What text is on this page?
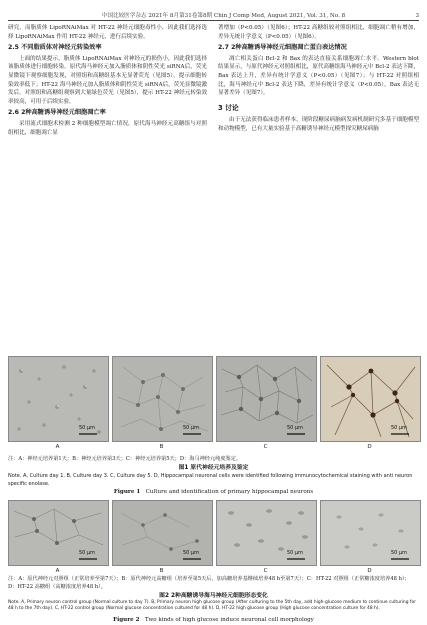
中国比较医学杂志 2021年 8月第31卷第8期 Chin J Comp Med, August 2021, Vol. 31, No. 8	3

研究，而脂质体 LipoRNAiMax 对 HT-22 神经元细胞毒性小，因此我们选择选择 LipoRNAiMax 作用 HT-22 神经元，进行后续实验。

2.5 不同脂质体对神经元转染效率

上面的结果提示，脂质体 LipoRNAiMax 对神经元的损伤小，因此我们选择该脂质体进行细胞转染。原代海马神经元加入脂质体和阴性荧光 siRNA后，荧光显微镜下观察细胞发现，对照组和高糖组基本无显著荧光（见图5），提示细胞转染效率低下；HT-22 海马神经元加入脂质体和阴性荧光 siRNA后，荧光显微镜激发后，对照组和高糖组观察到大量绿色荧光（见图5），提示 HT-22 神经元转染效率较高，可用于后续实验。

2.6 2种高糖诱导神经元细胞凋亡率

采用流式细胞术检测 2 种细胞模型凋亡情况，原代海马神经元高糖组与对照组相比，细胞凋亡显

著增加（P<0.05）（见图6）；HT-22 高糖组较对照组相比，细胞凋亡稍有增加，差异无统计学意义（P<0.05）（见图6）。

2.7 2种高糖诱导神经元细胞凋亡蛋白表达情况

凋亡相关蛋白 Bcl-2 和 Bax 的表达直接关系细胞凋亡水平。Western blot 结果显示，与原代神经元对照组相比，原代高糖组海马神经元中 Bcl-2 表达下降，Bax 表达上升，差异有统计学意义（P<0.05）（见图7）；与 HT-22 对照组相比，海马神经元中 Bcl-2 表达下降，差异有统计学意义（P<0.05），Bax 表达无显著差异（见图7）。

3 讨论

由于无法获得临床患者样本，现阶段糖尿病脑病发病机制研究多基于细胞模型和动物模型，已有大量实验基于高糖诱导神经元模型探究糖尿病脑

50 μm
A
50 μm
B
50 μm
C
50 μm
D
注：A：神经元培养第1天；B：神经元培养第3天；C：神经元培养第5天；D：海马神经元纯度鉴定。
图1 原代神经元培养及鉴定
Note. A, Culture day 1. B, Culture day 3. C, Culture day 5. D, Hippocampal neuronal cells were identified following immunocytochemical staining with anti neuron specific enolase.
Figure 1 Culture and identification of primary hippocampal neurons
50 μm
A
50 μm
B
50 μm
C
50 μm
D
注：A：原代神经元对照组（正常培养至第7天）；B：原代神经元高糖组（培养至第5天后，加高糖培养基继续培养48 h至第7天）；C：HT-22 对照组（正常糖浓度培养48 h）；D：HT-22 高糖组（高糖浓度培养48 h）。
图2 2种高糖诱导海马神经元细胞形态变化
Note. A, Primary neuron control group (Normal culture to day 7). B, Primary neuron high glucose group (After culturing to the 5th day, add high-glucose medium to continue culturing for 48 h to the 7th day). C, HT-22 control group (Normal glucose concentration cultured for 48 h). D, HT-22 high glucose group (High glucose concentration culture for 48 h).
Figure 2 Two kinds of high glucose induce neuronal cell morphology
